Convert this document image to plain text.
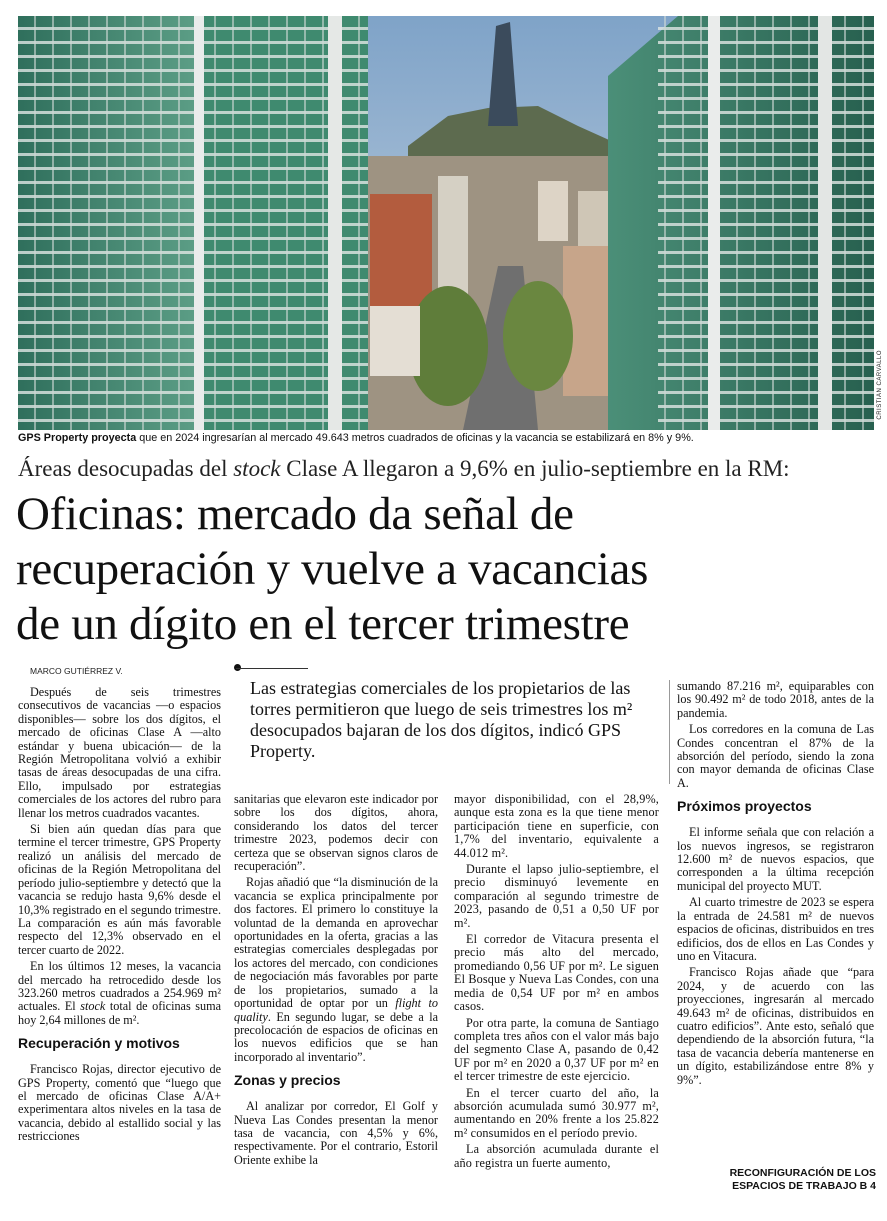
CRISTIÁN CARVALLO
GPS Property proyecta que en 2024 ingresarían al mercado 49.643 metros cuadrados de oficinas y la vacancia se estabilizará en 8% y 9%.
Áreas desocupadas del stock Clase A llegaron a 9,6% en julio-septiembre en la RM:
Oficinas: mercado da señal de
recuperación y vuelve a vacancias
de un dígito en el tercer trimestre
MARCO GUTIÉRREZ V.
Las estrategias comerciales de los propietarios de las torres permitieron que luego de seis trimestres los m² desocupados bajaran de los dos dígitos, indicó GPS Property.

Después de seis trimestres consecutivos de vacancias —o espacios disponibles— sobre los dos dígitos, el mercado de oficinas Clase A —alto estándar y buena ubicación— de la Región Metropolitana volvió a exhibir tasas de áreas desocupadas de una cifra. Ello, impulsado por estrategias comerciales de los actores del rubro para llenar los metros cuadrados vacantes.

Si bien aún quedan días para que termine el tercer trimestre, GPS Property realizó un análisis del mercado de oficinas de la Región Metropolitana del período julio-septiembre y detectó que la vacancia se redujo hasta 9,6% desde el 10,3% registrado en el segundo trimestre. La comparación es aún más favorable respecto del 12,3% observado en el tercer cuarto de 2022.

En los últimos 12 meses, la vacancia del mercado ha retrocedido desde los 323.260 metros cuadrados a 254.969 m² actuales. El stock total de oficinas suma hoy 2,64 millones de m².

Recuperación y motivos

Francisco Rojas, director ejecutivo de GPS Property, comentó que “luego que el mercado de oficinas Clase A/A+ experimentara altos niveles en la tasa de vacancia, debido al estallido social y las restricciones

sanitarias que elevaron este indicador por sobre los dos dígitos, ahora, considerando los datos del tercer trimestre 2023, podemos decir con certeza que se observan signos claros de recuperación”.

Rojas añadió que “la disminución de la vacancia se explica principalmente por dos factores. El primero lo constituye la voluntad de la demanda en aprovechar oportunidades en la oferta, gracias a las estrategias comerciales desplegadas por los actores del mercado, con condiciones de negociación más favorables por parte de los propietarios, sumado a la oportunidad de optar por un flight to quality. En segundo lugar, se debe a la precolocación de espacios de oficinas en los nuevos edificios que se han incorporado al inventario”.

Zonas y precios

Al analizar por corredor, El Golf y Nueva Las Condes presentan la menor tasa de vacancia, con 4,5% y 6%, respectivamente. Por el contrario, Estoril Oriente exhibe la

mayor disponibilidad, con el 28,9%, aunque esta zona es la que tiene menor participación tiene en superficie, con 1,7% del inventario, equivalente a 44.012 m².

Durante el lapso julio-septiembre, el precio disminuyó levemente en comparación al segundo trimestre de 2023, pasando de 0,51 a 0,50 UF por m².

El corredor de Vitacura presenta el precio más alto del mercado, promediando 0,56 UF por m². Le siguen El Bosque y Nueva Las Condes, con una media de 0,54 UF por m² en ambos casos.

Por otra parte, la comuna de Santiago completa tres años con el valor más bajo del segmento Clase A, pasando de 0,42 UF por m² en 2020 a 0,37 UF por m² en el tercer trimestre de este ejercicio.

En el tercer cuarto del año, la absorción acumulada sumó 30.977 m², aumentando en 20% frente a los 25.822 m² consumidos en el período previo.

La absorción acumulada durante el año registra un fuerte aumento,

sumando 87.216 m², equiparables con los 90.492 m² de todo 2018, antes de la pandemia.

Los corredores en la comuna de Las Condes concentran el 87% de la absorción del período, siendo la zona con mayor demanda de oficinas Clase A.

Próximos proyectos

El informe señala que con relación a los nuevos ingresos, se registraron 12.600 m² de nuevos espacios, que corresponden a la última recepción municipal del proyecto MUT.

Al cuarto trimestre de 2023 se espera la entrada de 24.581 m² de nuevos espacios de oficinas, distribuidos en tres edificios, dos de ellos en Las Condes y uno en Vitacura.

Francisco Rojas añade que “para 2024, y de acuerdo con las proyecciones, ingresarán al mercado 49.643 m² de oficinas, distribuidos en cuatro edificios”. Ante esto, señaló que dependiendo de la absorción futura, “la tasa de vacancia debería mantenerse en un dígito, estabilizándose entre 8% y 9%”.

RECONFIGURACIÓN DE LOS
ESPACIOS DE TRABAJO B 4
